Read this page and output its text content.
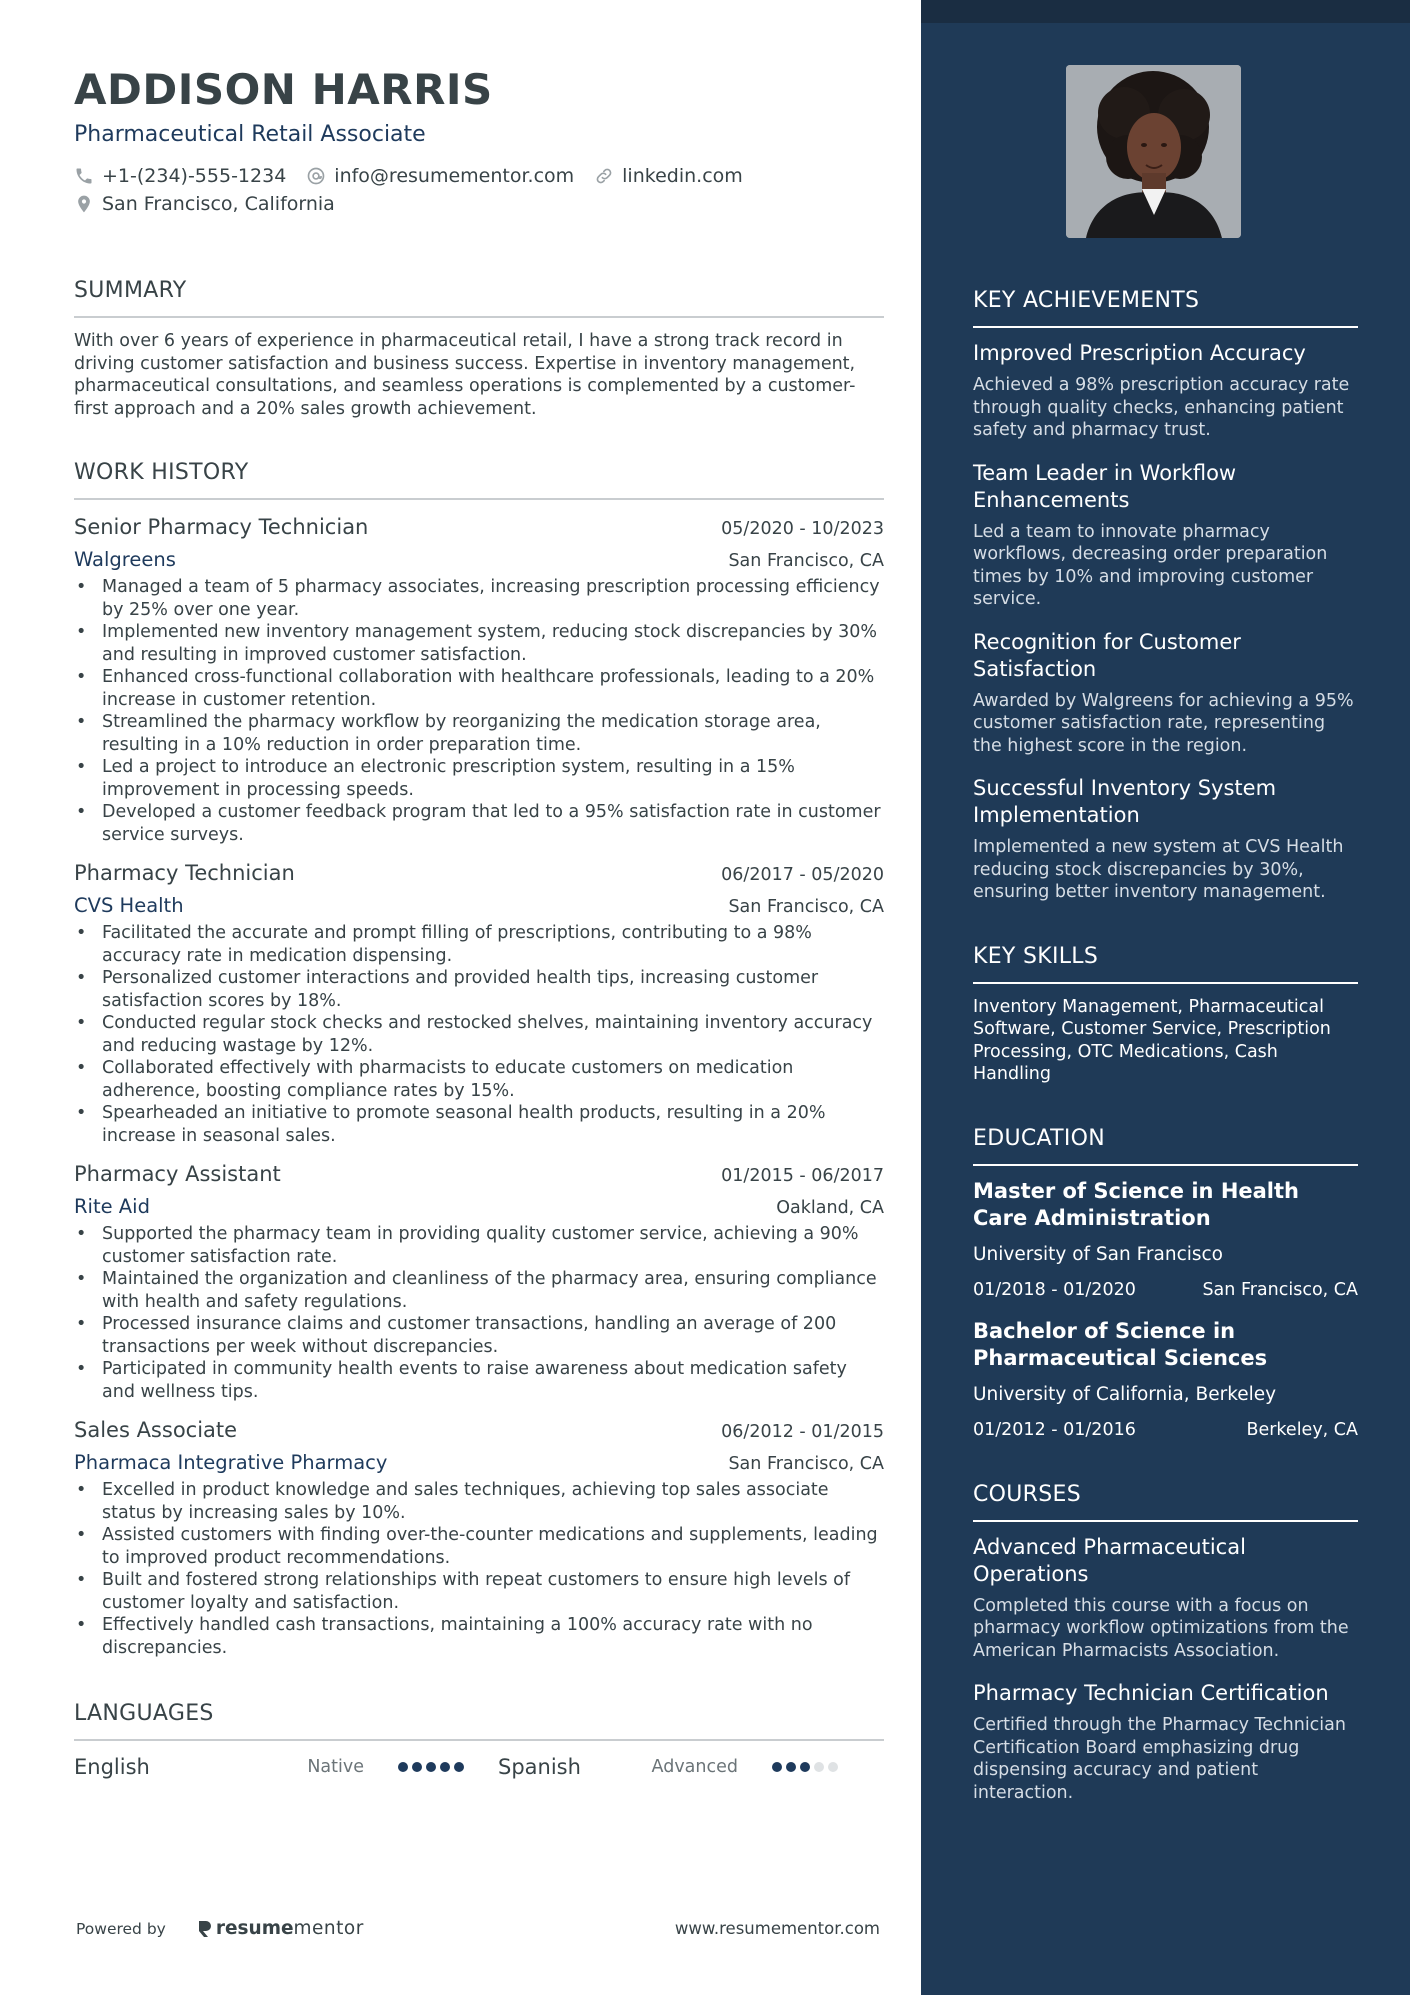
ADDISON HARRIS
Pharmaceutical Retail Associate
+1-(234)-555-1234	info@resumementor.com	linkedin.com
San Francisco, California
SUMMARY
With over 6 years of experience in pharmaceutical retail, I have a strong track record in driving customer satisfaction and business success. Expertise in inventory management, pharmaceutical consultations, and seamless operations is complemented by a customer-first approach and a 20% sales growth achievement.
WORK HISTORY
Senior Pharmacy Technician	05/2020 - 10/2023
Walgreens	San Francisco, CA
• Managed a team of 5 pharmacy associates, increasing prescription processing efficiency by 25% over one year.
• Implemented new inventory management system, reducing stock discrepancies by 30% and resulting in improved customer satisfaction.
• Enhanced cross-functional collaboration with healthcare professionals, leading to a 20% increase in customer retention.
• Streamlined the pharmacy workflow by reorganizing the medication storage area, resulting in a 10% reduction in order preparation time.
• Led a project to introduce an electronic prescription system, resulting in a 15% improvement in processing speeds.
• Developed a customer feedback program that led to a 95% satisfaction rate in customer service surveys.
Pharmacy Technician	06/2017 - 05/2020
CVS Health	San Francisco, CA
• Facilitated the accurate and prompt filling of prescriptions, contributing to a 98% accuracy rate in medication dispensing.
• Personalized customer interactions and provided health tips, increasing customer satisfaction scores by 18%.
• Conducted regular stock checks and restocked shelves, maintaining inventory accuracy and reducing wastage by 12%.
• Collaborated effectively with pharmacists to educate customers on medication adherence, boosting compliance rates by 15%.
• Spearheaded an initiative to promote seasonal health products, resulting in a 20% increase in seasonal sales.
Pharmacy Assistant	01/2015 - 06/2017
Rite Aid	Oakland, CA
• Supported the pharmacy team in providing quality customer service, achieving a 90% customer satisfaction rate.
• Maintained the organization and cleanliness of the pharmacy area, ensuring compliance with health and safety regulations.
• Processed insurance claims and customer transactions, handling an average of 200 transactions per week without discrepancies.
• Participated in community health events to raise awareness about medication safety and wellness tips.
Sales Associate	06/2012 - 01/2015
Pharmaca Integrative Pharmacy	San Francisco, CA
• Excelled in product knowledge and sales techniques, achieving top sales associate status by increasing sales by 10%.
• Assisted customers with finding over-the-counter medications and supplements, leading to improved product recommendations.
• Built and fostered strong relationships with repeat customers to ensure high levels of customer loyalty and satisfaction.
• Effectively handled cash transactions, maintaining a 100% accuracy rate with no discrepancies.
LANGUAGES
English	Native	Spanish	Advanced
Powered by	resume mentor	www.resumementor.com
KEY ACHIEVEMENTS
Improved Prescription Accuracy
Achieved a 98% prescription accuracy rate through quality checks, enhancing patient safety and pharmacy trust.
Team Leader in Workflow Enhancements
Led a team to innovate pharmacy workflows, decreasing order preparation times by 10% and improving customer service.
Recognition for Customer Satisfaction
Awarded by Walgreens for achieving a 95% customer satisfaction rate, representing the highest score in the region.
Successful Inventory System Implementation
Implemented a new system at CVS Health reducing stock discrepancies by 30%, ensuring better inventory management.
KEY SKILLS
Inventory Management, Pharmaceutical Software, Customer Service, Prescription Processing, OTC Medications, Cash Handling
EDUCATION
Master of Science in Health Care Administration
University of San Francisco
01/2018 - 01/2020	San Francisco, CA
Bachelor of Science in Pharmaceutical Sciences
University of California, Berkeley
01/2012 - 01/2016	Berkeley, CA
COURSES
Advanced Pharmaceutical Operations
Completed this course with a focus on pharmacy workflow optimizations from the American Pharmacists Association.
Pharmacy Technician Certification
Certified through the Pharmacy Technician Certification Board emphasizing drug dispensing accuracy and patient interaction.
